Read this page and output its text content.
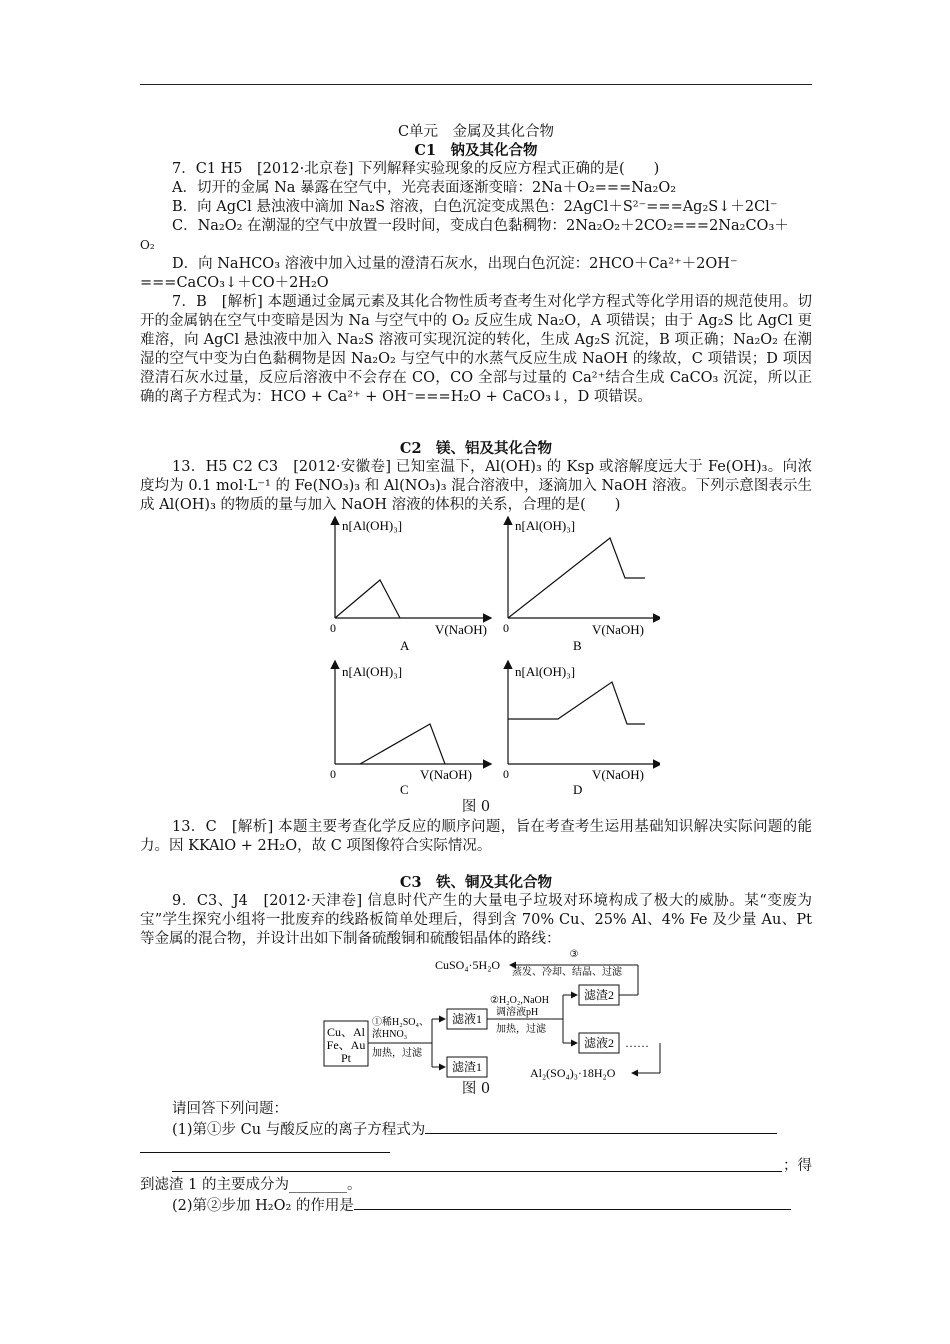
C单元　金属及其化合物
C1　钠及其化合物
7．C1 H5　[2012·北京卷] 下列解释实验现象的反应方程式正确的是(　　)
A．切开的金属 Na 暴露在空气中，光亮表面逐渐变暗：2Na＋O₂===Na₂O₂
B．向 AgCl 悬浊液中滴加 Na₂S 溶液，白色沉淀变成黑色：2AgCl＋S²⁻===Ag₂S↓＋2Cl⁻
C．Na₂O₂ 在潮湿的空气中放置一段时间，变成白色黏稠物：2Na₂O₂＋2CO₂===2Na₂CO₃＋
O₂
D．向 NaHCO₃ 溶液中加入过量的澄清石灰水，出现白色沉淀：2HCO＋Ca²⁺＋2OH⁻
===CaCO₃↓＋CO＋2H₂O
7．B　[解析] 本题通过金属元素及其化合物性质考查考生对化学方程式等化学用语的规范使用。切开的金属钠在空气中变暗是因为 Na 与空气中的 O₂ 反应生成 Na₂O，A 项错误；由于 Ag₂S 比 AgCl 更难溶，向 AgCl 悬浊液中加入 Na₂S 溶液可实现沉淀的转化，生成 Ag₂S 沉淀，B 项正确；Na₂O₂ 在潮湿的空气中变为白色黏稠物是因 Na₂O₂ 与空气中的水蒸气反应生成 NaOH 的缘故，C 项错误；D 项因澄清石灰水过量，反应后溶液中不会存在 CO，CO 全部与过量的 Ca²⁺结合生成 CaCO₃ 沉淀，所以正确的离子方程式为：HCO + Ca²⁺ + OH⁻===H₂O + CaCO₃↓，D 项错误。
C2　镁、铝及其化合物
13．H5 C2 C3　[2012·安徽卷] 已知室温下，Al(OH)₃ 的 Ksp 或溶解度远大于 Fe(OH)₃。向浓度均为 0.1 mol·L⁻¹ 的 Fe(NO₃)₃ 和 Al(NO₃)₃ 混合溶液中，逐滴加入 NaOH 溶液。下列示意图表示生成 Al(OH)₃ 的物质的量与加入 NaOH 溶液的体积的关系，合理的是(　　)
n[Al(OH)₃]
0	V(NaOH)
A
n[Al(OH)₃]
0	V(NaOH)
B
n[Al(OH)₃]
0	V(NaOH)
C
n[Al(OH)₃]
0	V(NaOH)
D
图 0
13．C　[解析] 本题主要考查化学反应的顺序问题，旨在考查考生运用基础知识解决实际问题的能力。因 KKAlO + 2H₂O，故 C 项图像符合实际情况。
C3　铁、铜及其化合物
9．C3、J4　[2012·天津卷] 信息时代产生的大量电子垃圾对环境构成了极大的威胁。某“变废为宝”学生探究小组将一批废弃的线路板简单处理后，得到含 70% Cu、25% Al、4% Fe 及少量 Au、Pt 等金属的混合物，并设计出如下制备硫酸铜和硫酸铝晶体的路线：
Cu、Al
Fe、Au
Pt
①稀H₂SO₄、
浓HNO₃
加热，过滤
滤液1
滤渣1
②H₂O₂,NaOH
调溶液pH
加热，过滤
滤渣2
滤液2 ……
③
蒸发、冷却、结晶、过滤
CuSO₄·5H₂O
Al₂(SO₄)₃·18H₂O
图 0
请回答下列问题：
(1)第①步 Cu 与酸反应的离子方程式为
；得
到滤渣 1 的主要成分为________。
(2)第②步加 H₂O₂ 的作用是
